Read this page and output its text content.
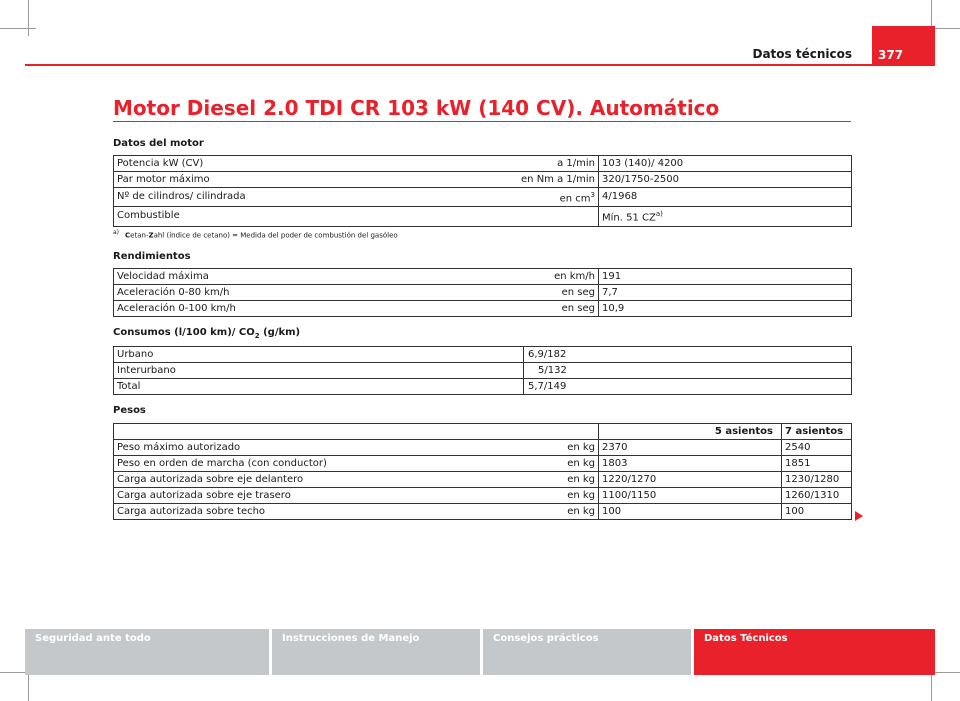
Datos técnicos	377
Motor Diesel 2.0 TDI CR 103 kW (140 CV). Automático
Datos del motor
Potencia kW (CV)	a 1/min	103 (140)/ 4200
Par motor máximo	en Nm a 1/min	320/1750-2500
Nº de cilindros/ cilindrada	en $cm^3$	4/1968
Combustible		Mín. 51 CZ$^{a)}$
$^{a)}$ Cetan-Zahl (índice de cetano) = Medida del poder de combustión del gasóleo
Rendimientos
Velocidad máxima	en km/h	191
Aceleración 0-80 km/h	en seg	7,7
Aceleración 0-100 km/h	en seg	10,9
Consumos (l/100 km)/ $CO_2$ (g/km)
Urbano	6,9/182
Interurbano	5/132
Total	5,7/149
Pesos
		5 asientos	7 asientos
Peso máximo autorizado	en kg	2370	2540
Peso en orden de marcha (con conductor)	en kg	1803	1851
Carga autorizada sobre eje delantero	en kg	1220/1270	1230/1280
Carga autorizada sobre eje trasero	en kg	1100/1150	1260/1310
Carga autorizada sobre techo	en kg	100	100
Seguridad ante todo	Instrucciones de Manejo	Consejos prácticos	Datos Técnicos
